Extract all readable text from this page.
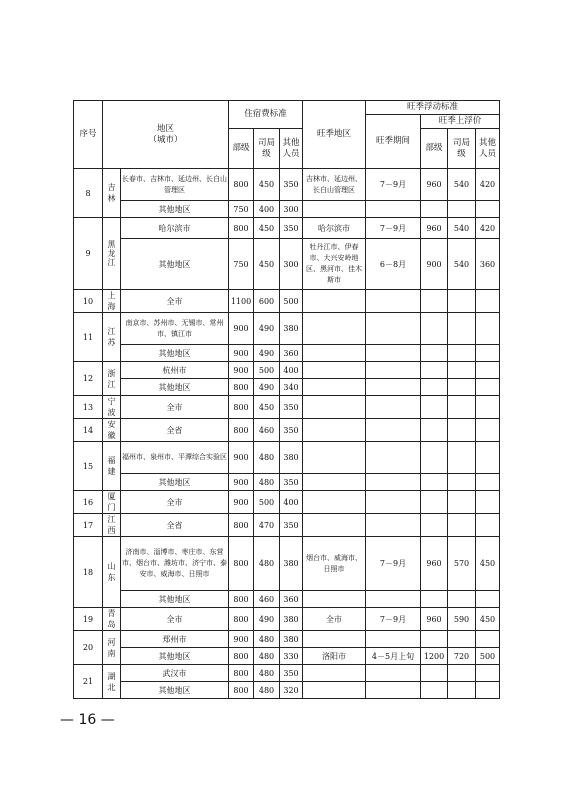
序号	地区
（城市）		住宿费标准			旺季地区	旺季浮动标准			
							旺季期间	旺季上浮价		
			部级	司局级	其他人员			部级	司局级	其他人员
8	吉林	长春市、吉林市、延边州、长白山管理区	800	450	350	吉林市、延边州、长白山管理区	7－9月	960	540	420
		其他地区	750	400	300					
9	黑龙江	哈尔滨市	800	450	350	哈尔滨市	7－9月	960	540	420
		其他地区	750	450	300	牡丹江市、伊春市、大兴安岭地区、黑河市、佳木斯市	6－8月	900	540	360
10	上海	全市	1100	600	500					
11	江苏	南京市、苏州市、无锡市、常州市、镇江市	900	490	380					
		其他地区	900	490	360					
12	浙江	杭州市	900	500	400					
		其他地区	800	490	340					
13	宁波	全市	800	450	350					
14	安徽	全省	800	460	350					
15	福建	福州市、泉州市、平潭综合实验区	900	480	380					
		其他地区	900	480	350					
16	厦门	全市	900	500	400					
17	江西	全省	800	470	350					
18	山东	济南市、淄博市、枣庄市、东营市、烟台市、潍坊市、济宁市、泰安市、威海市、日照市	800	480	380	烟台市、威海市、日照市	7－9月	960	570	450
		其他地区	800	460	360					
19	青岛	全市	800	490	380	全市	7－9月	960	590	450
20	河南	郑州市	900	480	380					
		其他地区	800	480	330	洛阳市	4－5月上旬	1200	720	500
21	湖北	武汉市	800	480	350					
		其他地区	800	480	320					
— 16 —
